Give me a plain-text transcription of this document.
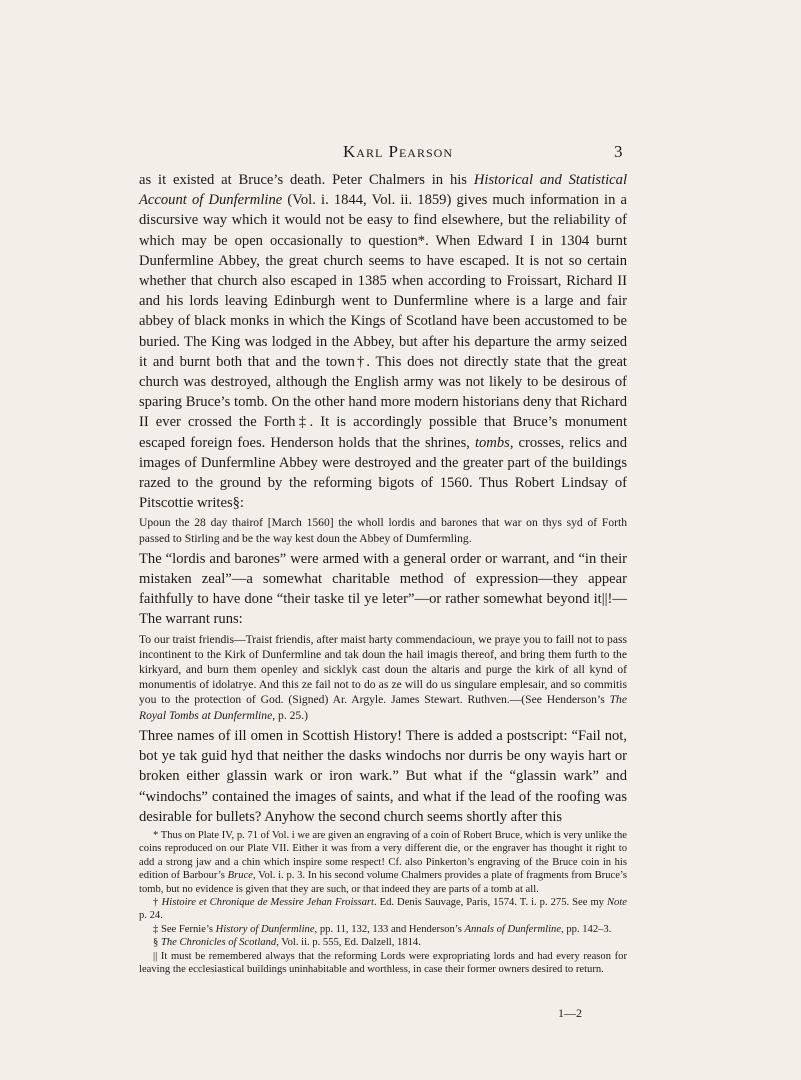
Karl Pearson	3

as it existed at Bruce’s death. Peter Chalmers in his Historical and Statistical Account of Dunfermline (Vol. i. 1844, Vol. ii. 1859) gives much information in a discursive way which it would not be easy to find elsewhere, but the reliability of which may be open occasionally to question*. When Edward I in 1304 burnt Dunfermline Abbey, the great church seems to have escaped. It is not so certain whether that church also escaped in 1385 when according to Froissart, Richard II and his lords leaving Edinburgh went to Dunfermline where is a large and fair abbey of black monks in which the Kings of Scotland have been accustomed to be buried. The King was lodged in the Abbey, but after his departure the army seized it and burnt both that and the town†. This does not directly state that the great church was destroyed, although the English army was not likely to be desirous of sparing Bruce’s tomb. On the other hand more modern historians deny that Richard II ever crossed the Forth‡. It is accordingly possible that Bruce’s monument escaped foreign foes. Henderson holds that the shrines, tombs, crosses, relics and images of Dunfermline Abbey were destroyed and the greater part of the buildings razed to the ground by the reforming bigots of 1560. Thus Robert Lindsay of Pitscottie writes§:

Upoun the 28 day thairof [March 1560] the wholl lordis and barones that war on thys syd of Forth passed to Stirling and be the way kest doun the Abbey of Dumfermling.

The “lordis and barones” were armed with a general order or warrant, and “in their mistaken zeal”—a somewhat charitable method of expression—they appear faithfully to have done “their taske til ye leter”—or rather somewhat beyond it||!— The warrant runs:

To our traist friendis—Traist friendis, after maist harty commendacioun, we praye you to faill not to pass incontinent to the Kirk of Dunfermline and tak doun the hail imagis thereof, and bring them furth to the kirkyard, and burn them openley and sicklyk cast doun the altaris and purge the kirk of all kynd of monumentis of idolatrye. And this ze fail not to do as ze will do us singulare emplesair, and so commitis you to the protection of God. (Signed) Ar. Argyle. James Stewart. Ruthven.—(See Henderson’s The Royal Tombs at Dunfermline, p. 25.)

Three names of ill omen in Scottish History! There is added a postscript: “Fail not, bot ye tak guid hyd that neither the dasks windochs nor durris be ony wayis hart or broken either glassin wark or iron wark.” But what if the “glassin wark” and “windochs” contained the images of saints, and what if the lead of the roofing was desirable for bullets? Anyhow the second church seems shortly after this

* Thus on Plate IV, p. 71 of Vol. i we are given an engraving of a coin of Robert Bruce, which is very unlike the coins reproduced on our Plate VII. Either it was from a very different die, or the engraver has thought it right to add a strong jaw and a chin which inspire some respect! Cf. also Pinkerton’s engraving of the Bruce coin in his edition of Barbour’s Bruce, Vol. i. p. 3. In his second volume Chalmers provides a plate of fragments from Bruce’s tomb, but no evidence is given that they are such, or that indeed they are parts of a tomb at all.

† Histoire et Chronique de Messire Jehan Froissart. Ed. Denis Sauvage, Paris, 1574. T. i. p. 275. See my Note p. 24.

‡ See Fernie’s History of Dunfermline, pp. 11, 132, 133 and Henderson’s Annals of Dunfermline, pp. 142–3.

§ The Chronicles of Scotland, Vol. ii. p. 555, Ed. Dalzell, 1814.

|| It must be remembered always that the reforming Lords were expropriating lords and had every reason for leaving the ecclesiastical buildings uninhabitable and worthless, in case their former owners desired to return.

1—2
